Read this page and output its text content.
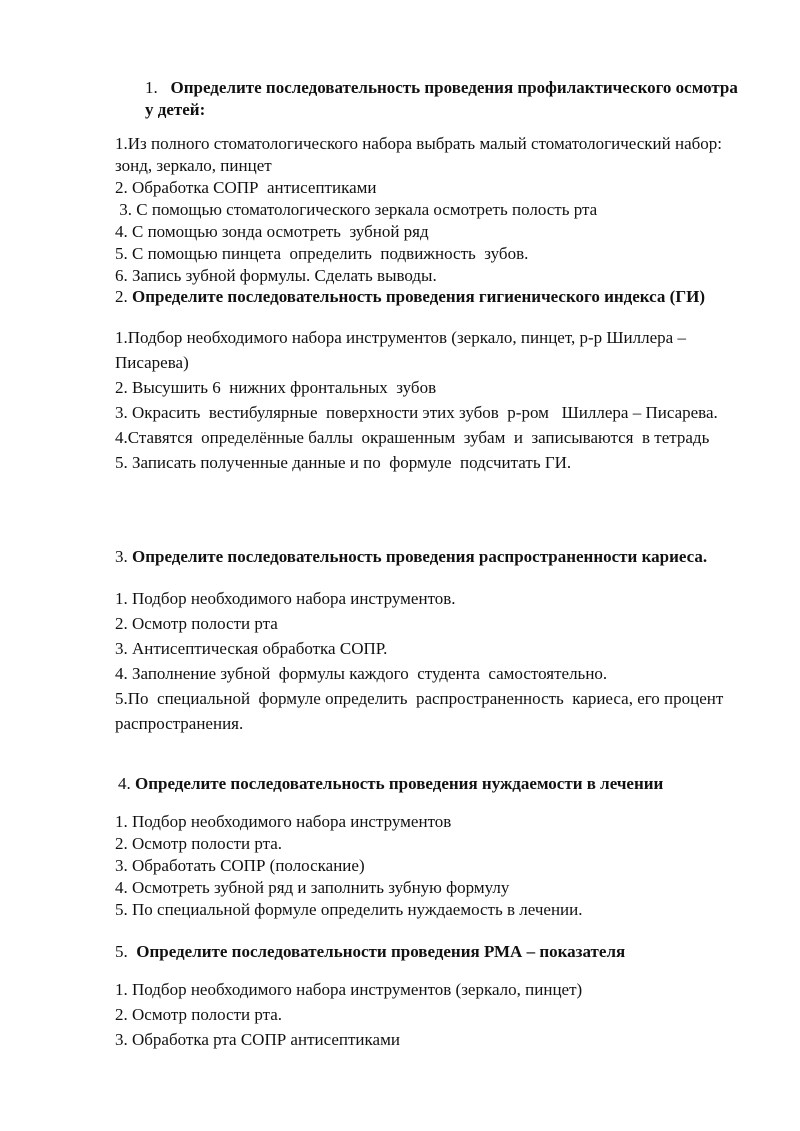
1. Определите последовательность проведения профилактического осмотра у детей:

1.Из полного стоматологического набора выбрать малый стоматологический набор: зонд, зеркало, пинцет

2. Обработка СОПР  антисептиками

3. С помощью стоматологического зеркала осмотреть полость рта

4. С помощью зонда осмотреть  зубной ряд

5. С помощью пинцета  определить  подвижность  зубов.

6. Запись зубной формулы. Сделать выводы.

2. Определите последовательность проведения гигиенического индекса (ГИ)

1.Подбор необходимого набора инструментов (зеркало, пинцет, р-р Шиллера – Писарева)

2. Высушить 6  нижних фронтальных  зубов

3. Окрасить  вестибулярные  поверхности этих зубов  р-ром   Шиллера – Писарева.

4.Ставятся  определённые баллы  окрашенным  зубам  и  записываются  в тетрадь

5. Записать полученные данные и по  формуле  подсчитать ГИ.

3. Определите последовательность проведения распространенности кариеса.

1. Подбор необходимого набора инструментов.

2. Осмотр полости рта

3. Антисептическая обработка СОПР.

4. Заполнение зубной  формулы каждого  студента  самостоятельно.

5.По  специальной  формуле определить  распространенность  кариеса, его процент распространения.

4. Определите последовательность проведения нуждаемости в лечении

1. Подбор необходимого набора инструментов

2. Осмотр полости рта.

3. Обработать СОПР (полоскание)

4. Осмотреть зубной ряд и заполнить зубную формулу

5. По специальной формуле определить нуждаемость в лечении.

5. Определите последовательности проведения РМА – показателя

1. Подбор необходимого набора инструментов (зеркало, пинцет)

2. Осмотр полости рта.

3. Обработка рта СОПР антисептиками
